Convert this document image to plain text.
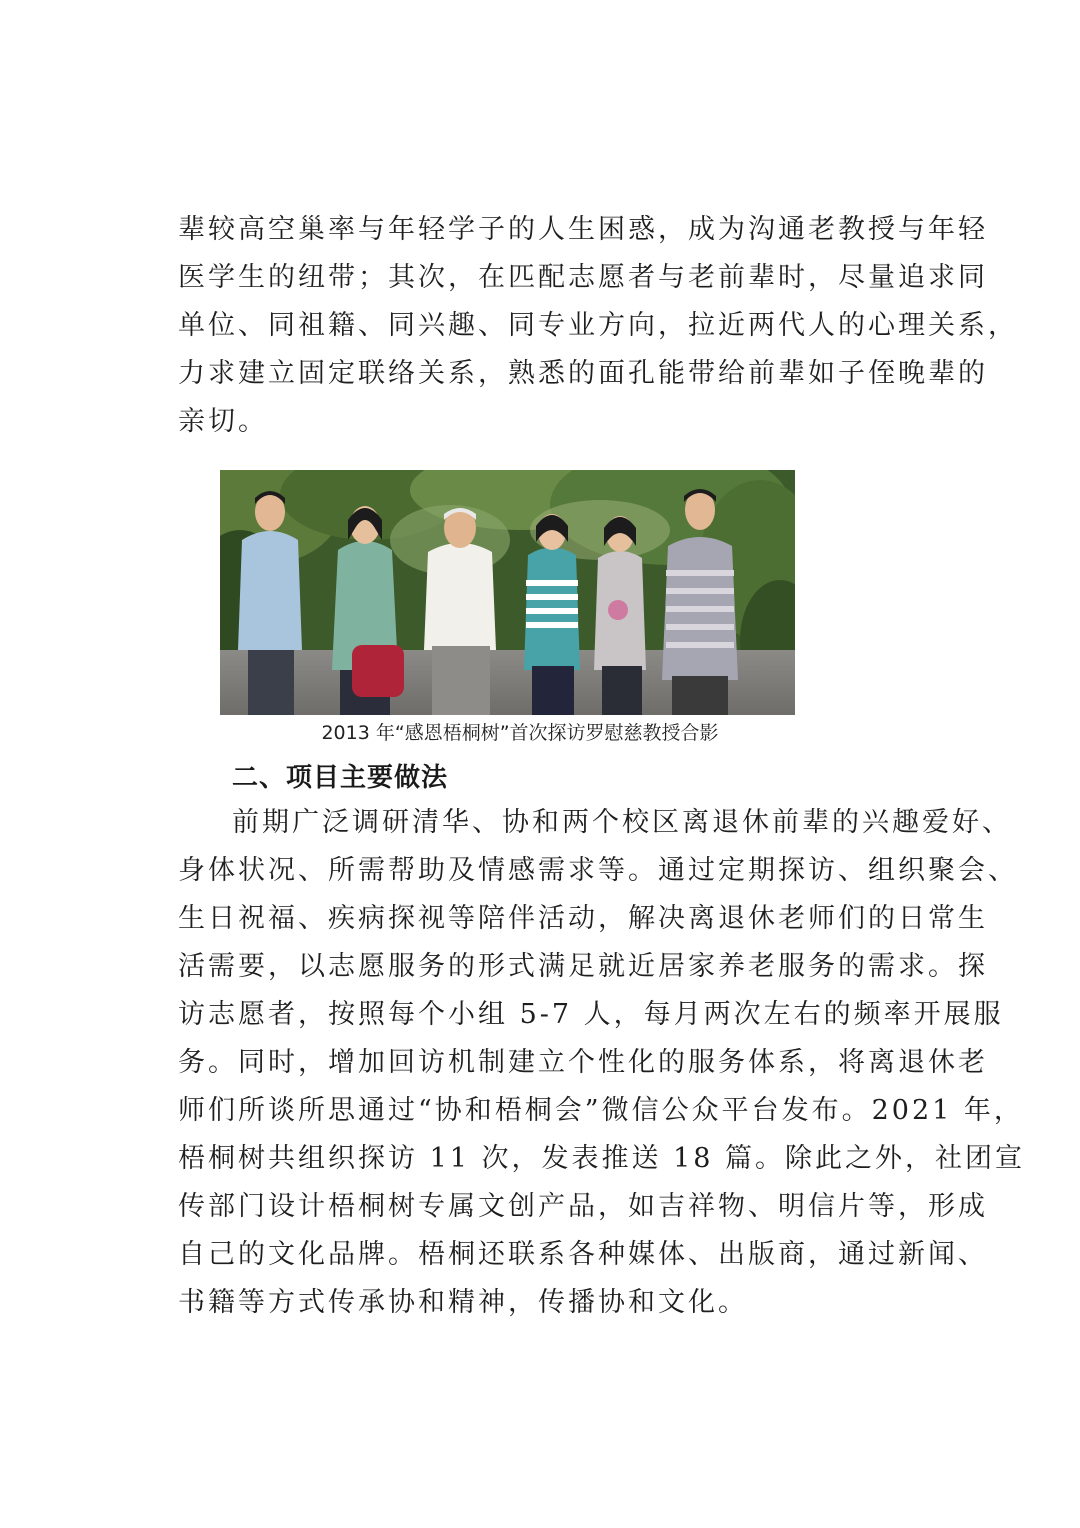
辈较高空巢率与年轻学子的人生困惑，成为沟通老教授与年轻
医学生的纽带；其次，在匹配志愿者与老前辈时，尽量追求同
单位、同祖籍、同兴趣、同专业方向，拉近两代人的心理关系，
力求建立固定联络关系，熟悉的面孔能带给前辈如子侄晚辈的
亲切。
2013 年“感恩梧桐树”首次探访罗慰慈教授合影
二、项目主要做法
前期广泛调研清华、协和两个校区离退休前辈的兴趣爱好、
身体状况、所需帮助及情感需求等。通过定期探访、组织聚会、
生日祝福、疾病探视等陪伴活动，解决离退休老师们的日常生
活需要，以志愿服务的形式满足就近居家养老服务的需求。探
访志愿者，按照每个小组 5-7 人，每月两次左右的频率开展服
务。同时，增加回访机制建立个性化的服务体系，将离退休老
师们所谈所思通过“协和梧桐会”微信公众平台发布。2021 年，
梧桐树共组织探访 11 次，发表推送 18 篇。除此之外，社团宣
传部门设计梧桐树专属文创产品，如吉祥物、明信片等，形成
自己的文化品牌。梧桐还联系各种媒体、出版商，通过新闻、
书籍等方式传承协和精神，传播协和文化。
